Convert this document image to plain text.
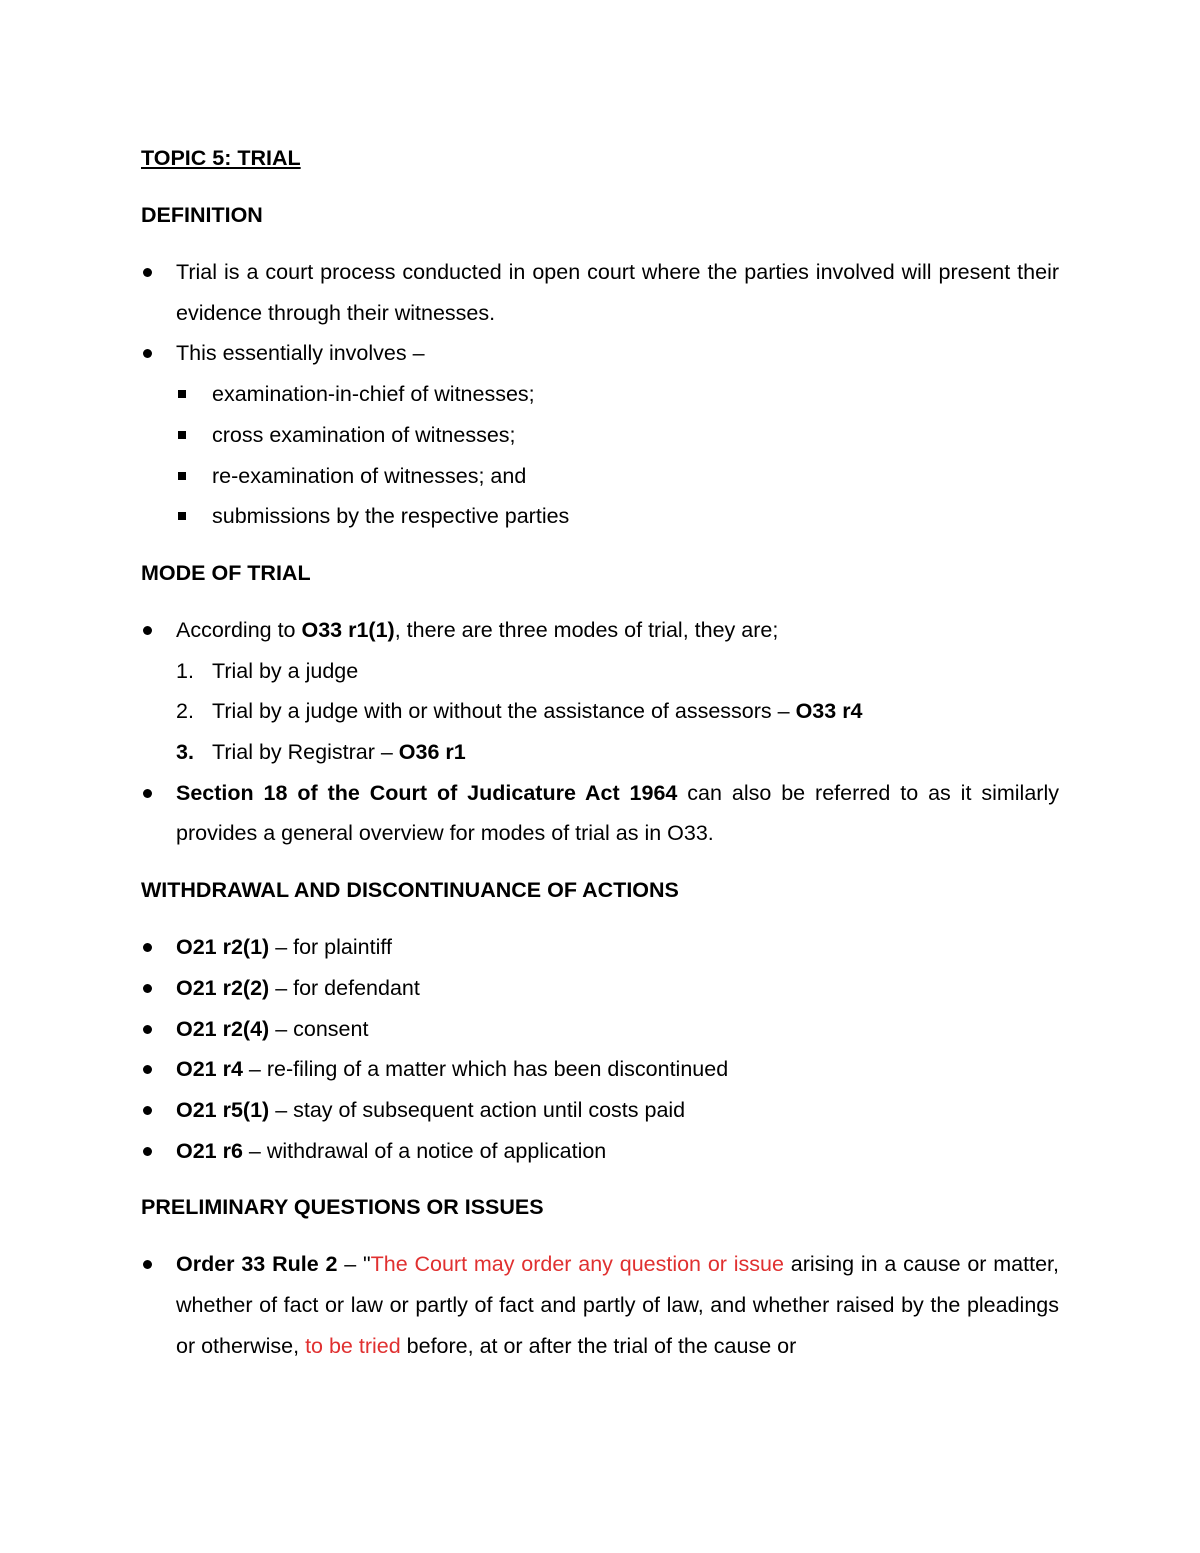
TOPIC 5: TRIAL
DEFINITION
Trial is a court process conducted in open court where the parties involved will present their evidence through their witnesses.
This essentially involves –
examination-in-chief of witnesses;
cross examination of witnesses;
re-examination of witnesses; and
submissions by the respective parties
MODE OF TRIAL
According to O33 r1(1), there are three modes of trial, they are;
1. Trial by a judge
2. Trial by a judge with or without the assistance of assessors – O33 r4
3. Trial by Registrar – O36 r1
Section 18 of the Court of Judicature Act 1964 can also be referred to as it similarly provides a general overview for modes of trial as in O33.
WITHDRAWAL AND DISCONTINUANCE OF ACTIONS
O21 r2(1) – for plaintiff
O21 r2(2) – for defendant
O21 r2(4) – consent
O21 r4 – re-filing of a matter which has been discontinued
O21 r5(1) – stay of subsequent action until costs paid
O21 r6 – withdrawal of a notice of application
PRELIMINARY QUESTIONS OR ISSUES
Order 33 Rule 2 – "The Court may order any question or issue arising in a cause or matter, whether of fact or law or partly of fact and partly of law, and whether raised by the pleadings or otherwise, to be tried before, at or after the trial of the cause or
